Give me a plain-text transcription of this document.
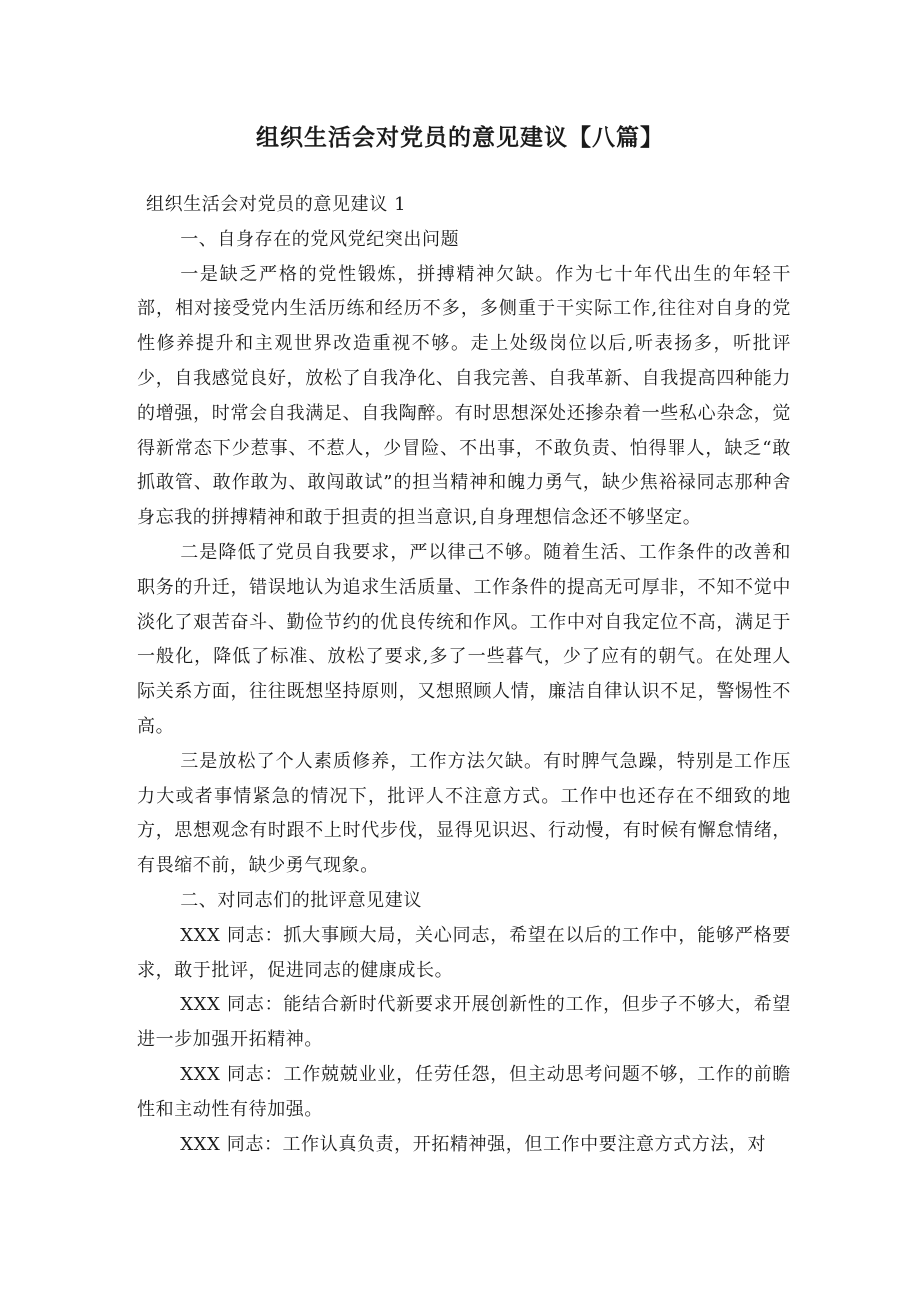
组织生活会对党员的意见建议【八篇】

组织生活会对党员的意见建议 1

一、自身存在的党风党纪突出问题

一是缺乏严格的党性锻炼，拼搏精神欠缺。作为七十年代出生的年轻干部，相对接受党内生活历练和经历不多，多侧重于干实际工作,往往对自身的党性修养提升和主观世界改造重视不够。走上处级岗位以后,听表扬多，听批评少，自我感觉良好，放松了自我净化、自我完善、自我革新、自我提高四种能力的增强，时常会自我满足、自我陶醉。有时思想深处还掺杂着一些私心杂念，觉得新常态下少惹事、不惹人，少冒险、不出事，不敢负责、怕得罪人，缺乏“敢抓敢管、敢作敢为、敢闯敢试”的担当精神和魄力勇气，缺少焦裕禄同志那种舍身忘我的拼搏精神和敢于担责的担当意识,自身理想信念还不够坚定。

二是降低了党员自我要求，严以律己不够。随着生活、工作条件的改善和职务的升迁，错误地认为追求生活质量、工作条件的提高无可厚非，不知不觉中淡化了艰苦奋斗、勤俭节约的优良传统和作风。工作中对自我定位不高，满足于一般化，降低了标准、放松了要求,多了一些暮气，少了应有的朝气。在处理人际关系方面，往往既想坚持原则，又想照顾人情，廉洁自律认识不足，警惕性不高。

三是放松了个人素质修养，工作方法欠缺。有时脾气急躁，特别是工作压力大或者事情紧急的情况下，批评人不注意方式。工作中也还存在不细致的地方，思想观念有时跟不上时代步伐，显得见识迟、行动慢，有时候有懈怠情绪，有畏缩不前，缺少勇气现象。

二、对同志们的批评意见建议

XXX 同志：抓大事顾大局，关心同志，希望在以后的工作中，能够严格要求，敢于批评，促进同志的健康成长。

XXX 同志：能结合新时代新要求开展创新性的工作，但步子不够大，希望进一步加强开拓精神。

XXX 同志：工作兢兢业业，任劳任怨，但主动思考问题不够，工作的前瞻性和主动性有待加强。

XXX 同志：工作认真负责，开拓精神强，但工作中要注意方式方法，对
